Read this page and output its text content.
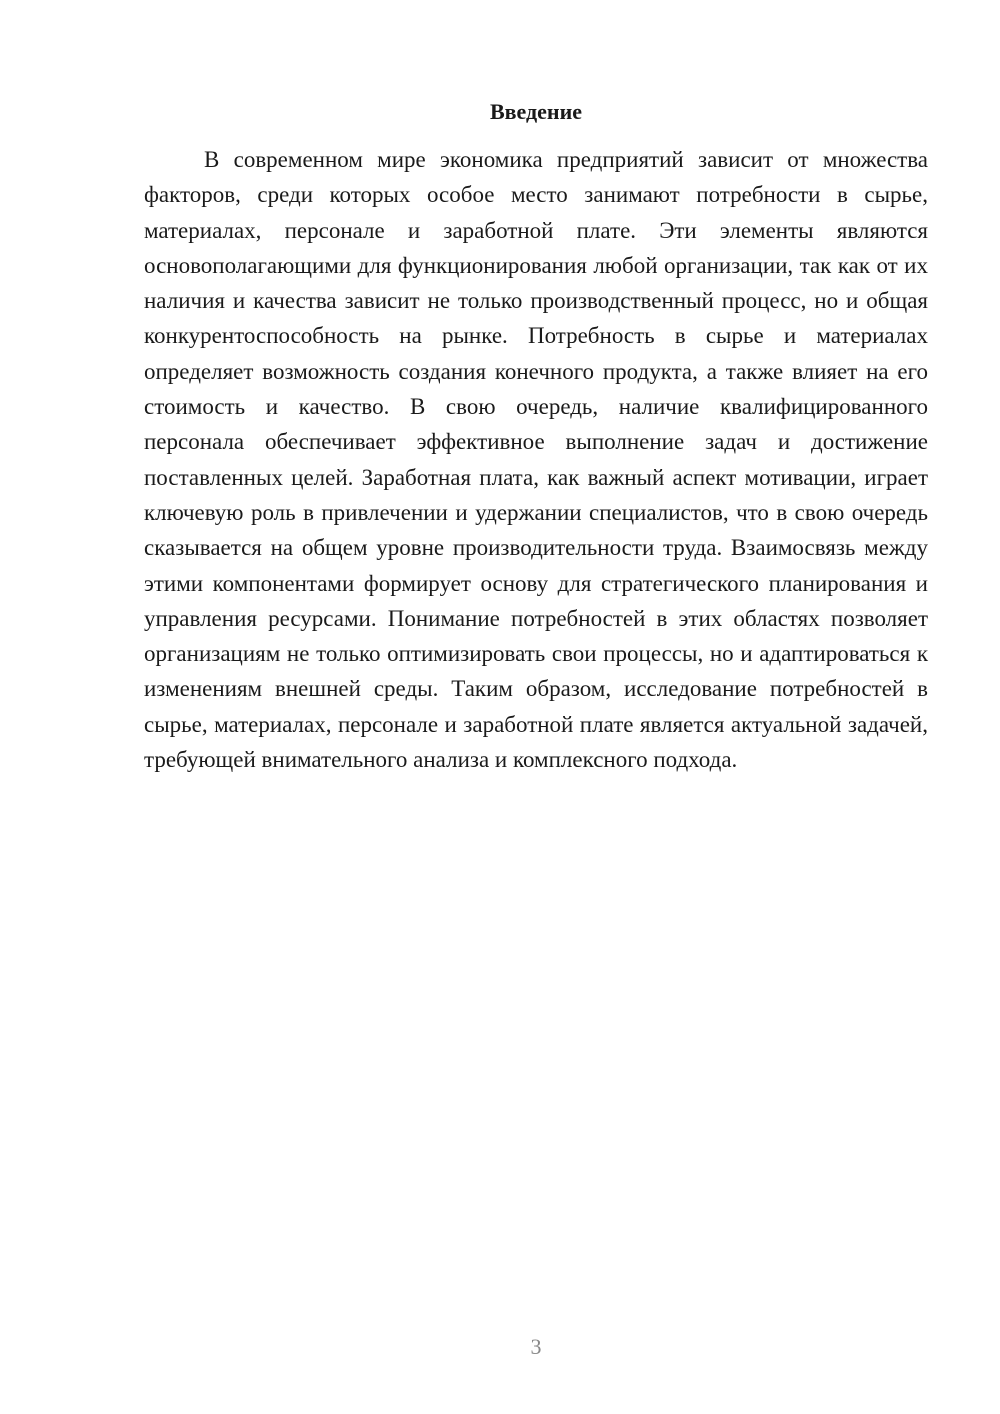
Введение

В современном мире экономика предприятий зависит от множества факторов, среди которых особое место занимают потребности в сырье, материалах, персонале и заработной плате. Эти элементы являются основополагающими для функционирования любой организации, так как от их наличия и качества зависит не только производственный процесс, но и общая конкурентоспособность на рынке. Потребность в сырье и материалах определяет возможность создания конечного продукта, а также влияет на его стоимость и качество. В свою очередь, наличие квалифицированного персонала обеспечивает эффективное выполнение задач и достижение поставленных целей. Заработная плата, как важный аспект мотивации, играет ключевую роль в привлечении и удержании специалистов, что в свою очередь сказывается на общем уровне производительности труда. Взаимосвязь между этими компонентами формирует основу для стратегического планирования и управления ресурсами. Понимание потребностей в этих областях позволяет организациям не только оптимизировать свои процессы, но и адаптироваться к изменениям внешней среды. Таким образом, исследование потребностей в сырье, материалах, персонале и заработной плате является актуальной задачей, требующей внимательного анализа и комплексного подхода.

3
